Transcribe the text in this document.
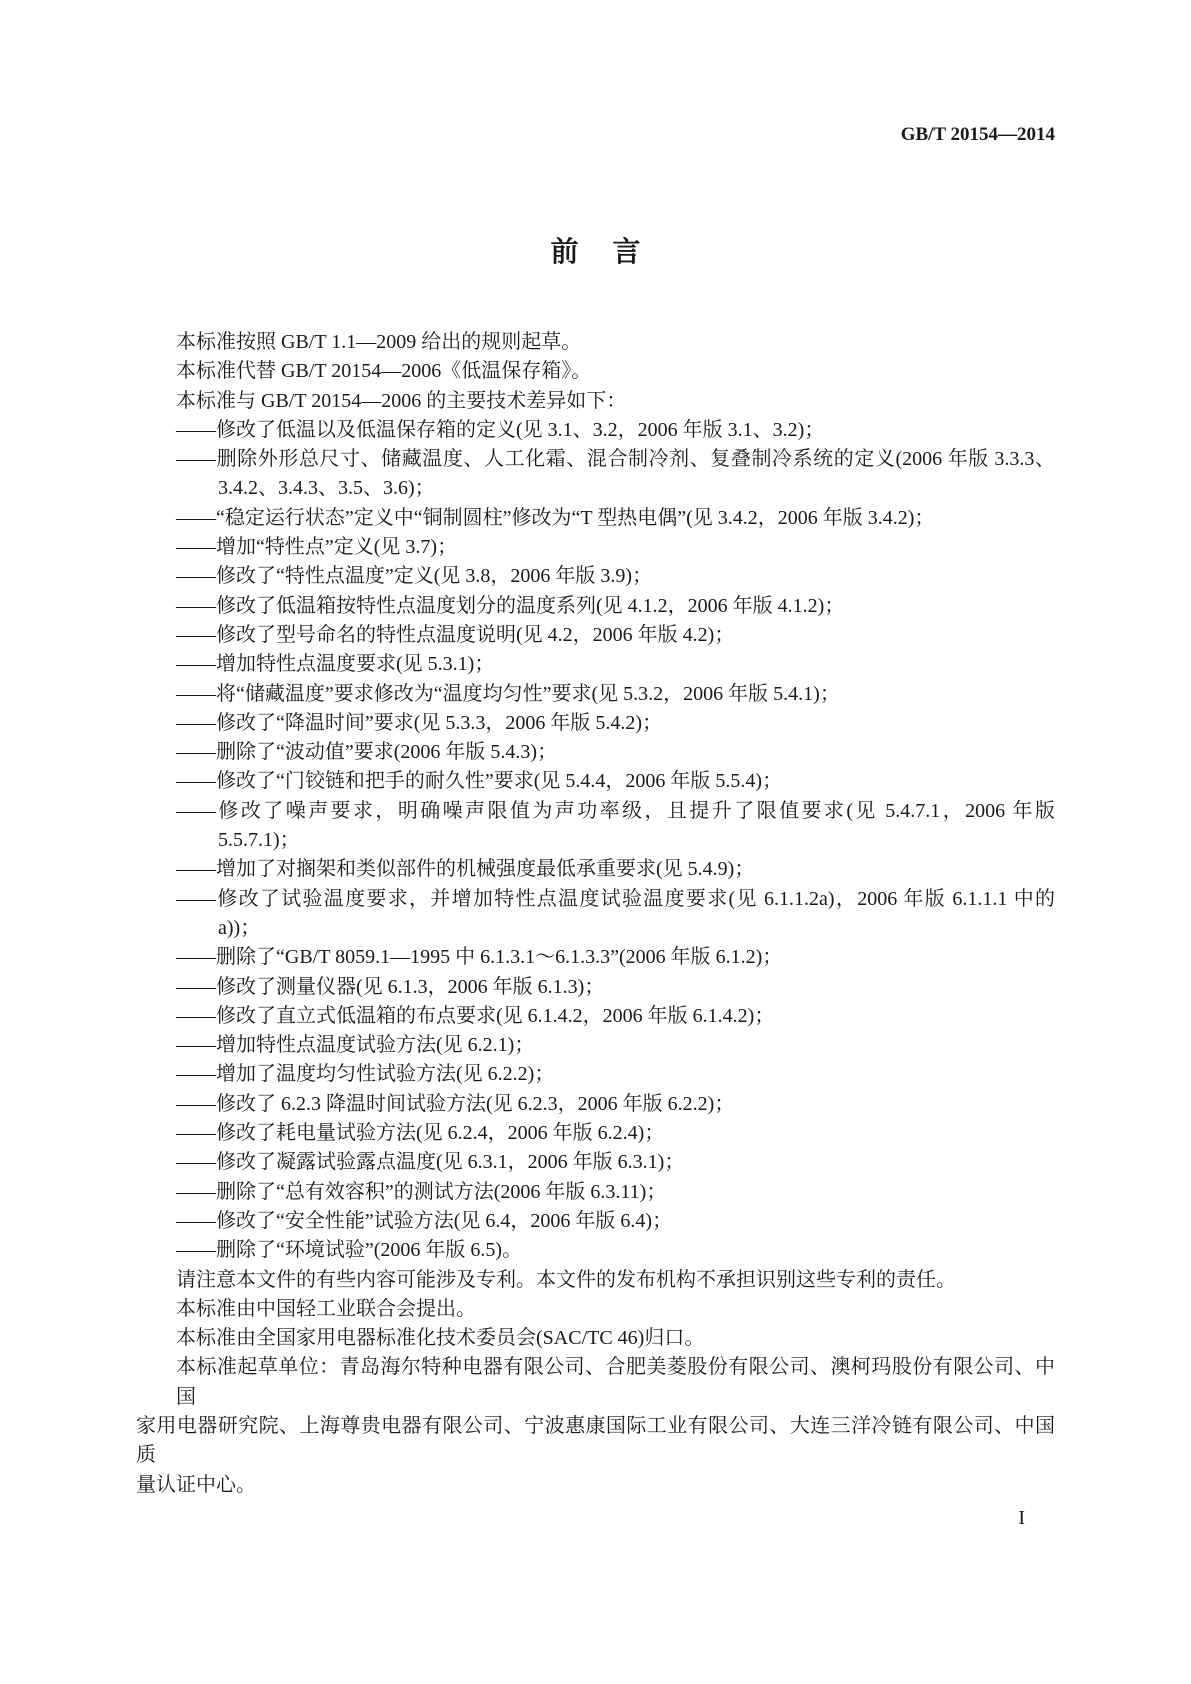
GB/T 20154—2014
前言
本标准按照 GB/T 1.1—2009 给出的规则起草。
本标准代替 GB/T 20154—2006《低温保存箱》。
本标准与 GB/T 20154—2006 的主要技术差异如下：
——修改了低温以及低温保存箱的定义(见 3.1、3.2，2006 年版 3.1、3.2)；
——删除外形总尺寸、储藏温度、人工化霜、混合制冷剂、复叠制冷系统的定义(2006 年版 3.3.3、
3.4.2、3.4.3、3.5、3.6)；
——“稳定运行状态”定义中“铜制圆柱”修改为“T 型热电偶”(见 3.4.2，2006 年版 3.4.2)；
——增加“特性点”定义(见 3.7)；
——修改了“特性点温度”定义(见 3.8，2006 年版 3.9)；
——修改了低温箱按特性点温度划分的温度系列(见 4.1.2，2006 年版 4.1.2)；
——修改了型号命名的特性点温度说明(见 4.2，2006 年版 4.2)；
——增加特性点温度要求(见 5.3.1)；
——将“储藏温度”要求修改为“温度均匀性”要求(见 5.3.2，2006 年版 5.4.1)；
——修改了“降温时间”要求(见 5.3.3，2006 年版 5.4.2)；
——删除了“波动值”要求(2006 年版 5.4.3)；
——修改了“门铰链和把手的耐久性”要求(见 5.4.4，2006 年版 5.5.4)；
——修改了噪声要求，明确噪声限值为声功率级，且提升了限值要求(见 5.4.7.1，2006 年版
5.5.7.1)；
——增加了对搁架和类似部件的机械强度最低承重要求(见 5.4.9)；
——修改了试验温度要求，并增加特性点温度试验温度要求(见 6.1.1.2a)，2006 年版 6.1.1.1 中的
a))；
——删除了“GB/T 8059.1—1995 中 6.1.3.1～6.1.3.3”(2006 年版 6.1.2)；
——修改了测量仪器(见 6.1.3，2006 年版 6.1.3)；
——修改了直立式低温箱的布点要求(见 6.1.4.2，2006 年版 6.1.4.2)；
——增加特性点温度试验方法(见 6.2.1)；
——增加了温度均匀性试验方法(见 6.2.2)；
——修改了 6.2.3 降温时间试验方法(见 6.2.3，2006 年版 6.2.2)；
——修改了耗电量试验方法(见 6.2.4，2006 年版 6.2.4)；
——修改了凝露试验露点温度(见 6.3.1，2006 年版 6.3.1)；
——删除了“总有效容积”的测试方法(2006 年版 6.3.11)；
——修改了“安全性能”试验方法(见 6.4，2006 年版 6.4)；
——删除了“环境试验”(2006 年版 6.5)。
请注意本文件的有些内容可能涉及专利。本文件的发布机构不承担识别这些专利的责任。
本标准由中国轻工业联合会提出。
本标准由全国家用电器标准化技术委员会(SAC/TC 46)归口。
本标准起草单位：青岛海尔特种电器有限公司、合肥美菱股份有限公司、澳柯玛股份有限公司、中国
家用电器研究院、上海尊贵电器有限公司、宁波惠康国际工业有限公司、大连三洋冷链有限公司、中国质
量认证中心。
I
